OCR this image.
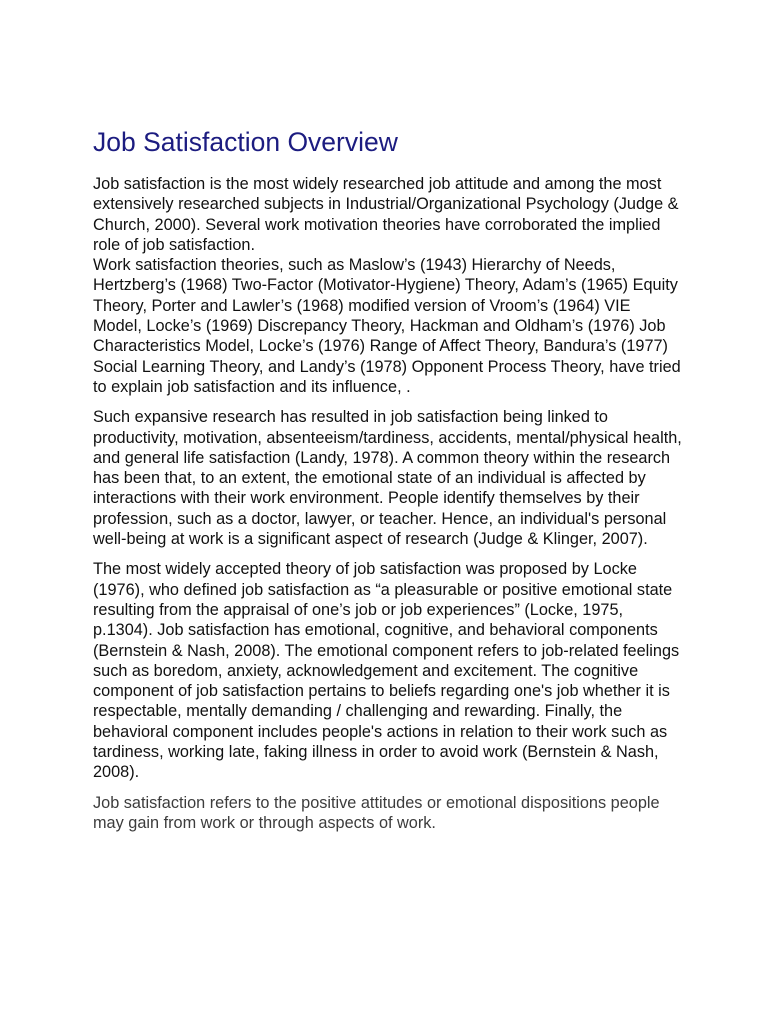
Job Satisfaction Overview

Job satisfaction is the most widely researched job attitude and among the most extensively researched subjects in Industrial/Organizational Psychology (Judge & Church, 2000). Several work motivation theories have corroborated the implied role of job satisfaction.

Work satisfaction theories, such as Maslow’s (1943) Hierarchy of Needs, Hertzberg’s (1968) Two-Factor (Motivator-Hygiene) Theory, Adam’s (1965) Equity Theory, Porter and Lawler’s (1968) modified version of Vroom’s (1964) VIE Model, Locke’s (1969) Discrepancy Theory, Hackman and Oldham’s (1976) Job Characteristics Model, Locke’s (1976) Range of Affect Theory, Bandura’s (1977) Social Learning Theory, and Landy’s (1978) Opponent Process Theory, have tried to explain job satisfaction and its influence, .

Such expansive research has resulted in job satisfaction being linked to productivity, motivation, absenteeism/tardiness, accidents, mental/physical health, and general life satisfaction (Landy, 1978). A common theory within the research has been that, to an extent, the emotional state of an individual is affected by interactions with their work environment. People identify themselves by their profession, such as a doctor, lawyer, or teacher. Hence, an individual's personal well-being at work is a significant aspect of research (Judge & Klinger, 2007).

The most widely accepted theory of job satisfaction was proposed by Locke (1976), who defined job satisfaction as “a pleasurable or positive emotional state resulting from the appraisal of one’s job or job experiences” (Locke, 1975, p.1304). Job satisfaction has emotional, cognitive, and behavioral components (Bernstein & Nash, 2008). The emotional component refers to job-related feelings such as boredom, anxiety, acknowledgement and excitement. The cognitive component of job satisfaction pertains to beliefs regarding one's job whether it is respectable, mentally demanding / challenging and rewarding. Finally, the behavioral component includes people's actions in relation to their work such as tardiness, working late, faking illness in order to avoid work (Bernstein & Nash, 2008).

Job satisfaction refers to the positive attitudes or emotional dispositions people may gain from work or through aspects of work.
